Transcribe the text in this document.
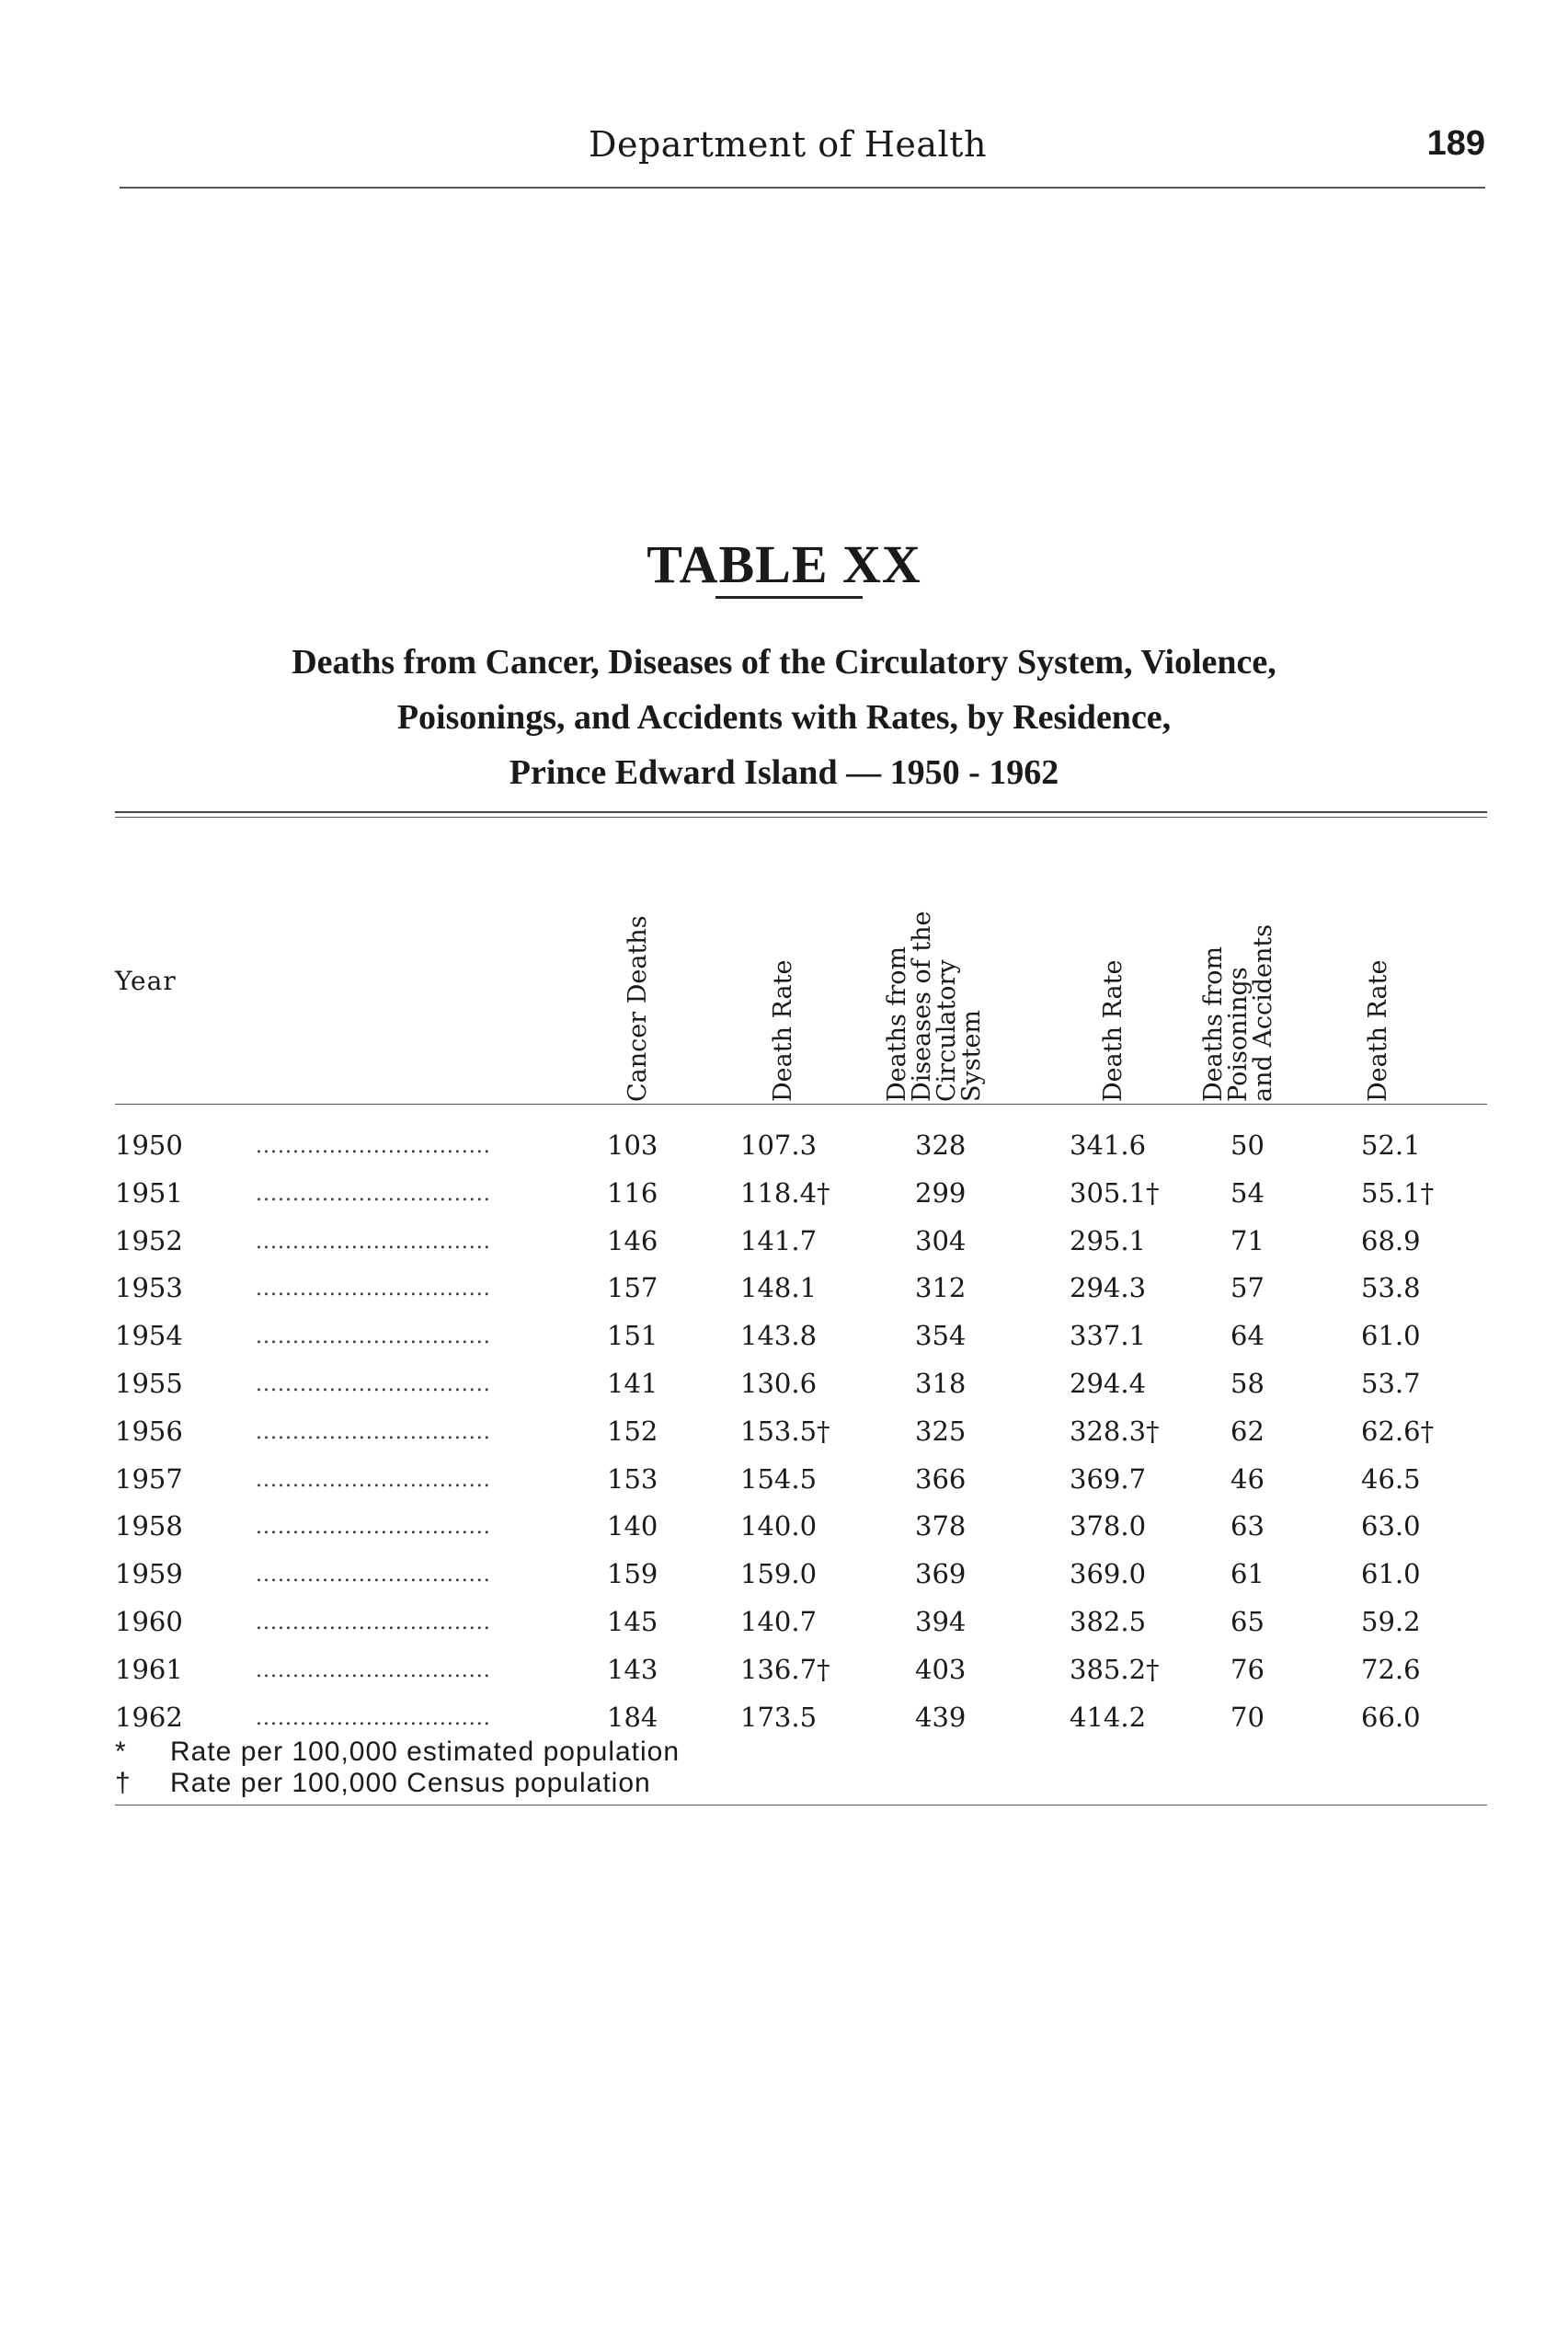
Department of Health	189
TABLE XX
Deaths from Cancer, Diseases of the Circulatory System, Violence,
Poisonings, and Accidents with Rates, by Residence,
Prince Edward Island — 1950 - 1962
Year	Cancer Deaths	Death Rate	Deaths from
Diseases of the
Circulatory
System	Death Rate	Deaths from
Poisonings
and Accidents	Death Rate
1950	................................	103	107.3	328	341.6	50	52.1
1951	................................	116	118.4†	299	305.1†	54	55.1†
1952	................................	146	141.7	304	295.1	71	68.9
1953	................................	157	148.1	312	294.3	57	53.8
1954	................................	151	143.8	354	337.1	64	61.0
1955	................................	141	130.6	318	294.4	58	53.7
1956	................................	152	153.5†	325	328.3†	62	62.6†
1957	................................	153	154.5	366	369.7	46	46.5
1958	................................	140	140.0	378	378.0	63	63.0
1959	................................	159	159.0	369	369.0	61	61.0
1960	................................	145	140.7	394	382.5	65	59.2
1961	................................	143	136.7†	403	385.2†	76	72.6
1962	................................	184	173.5	439	414.2	70	66.0
* Rate per 100,000 estimated population
† Rate per 100,000 Census population
